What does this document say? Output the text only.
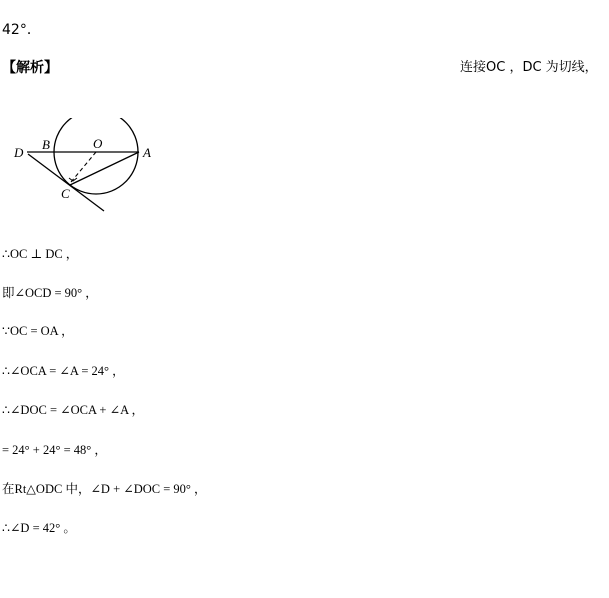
42°．
【解析】	连接OC ，DC 为切线，
D
B	O
A
C
∴OC ⊥ DC ，
即∠OCD = 90° ，
∵OC = OA ，
∴∠OCA = ∠A = 24° ，
∴∠DOC = ∠OCA + ∠A ，
= 24° + 24° = 48° ，
在Rt△ODC 中，∠D + ∠DOC = 90° ，
∴∠D = 42° 。
